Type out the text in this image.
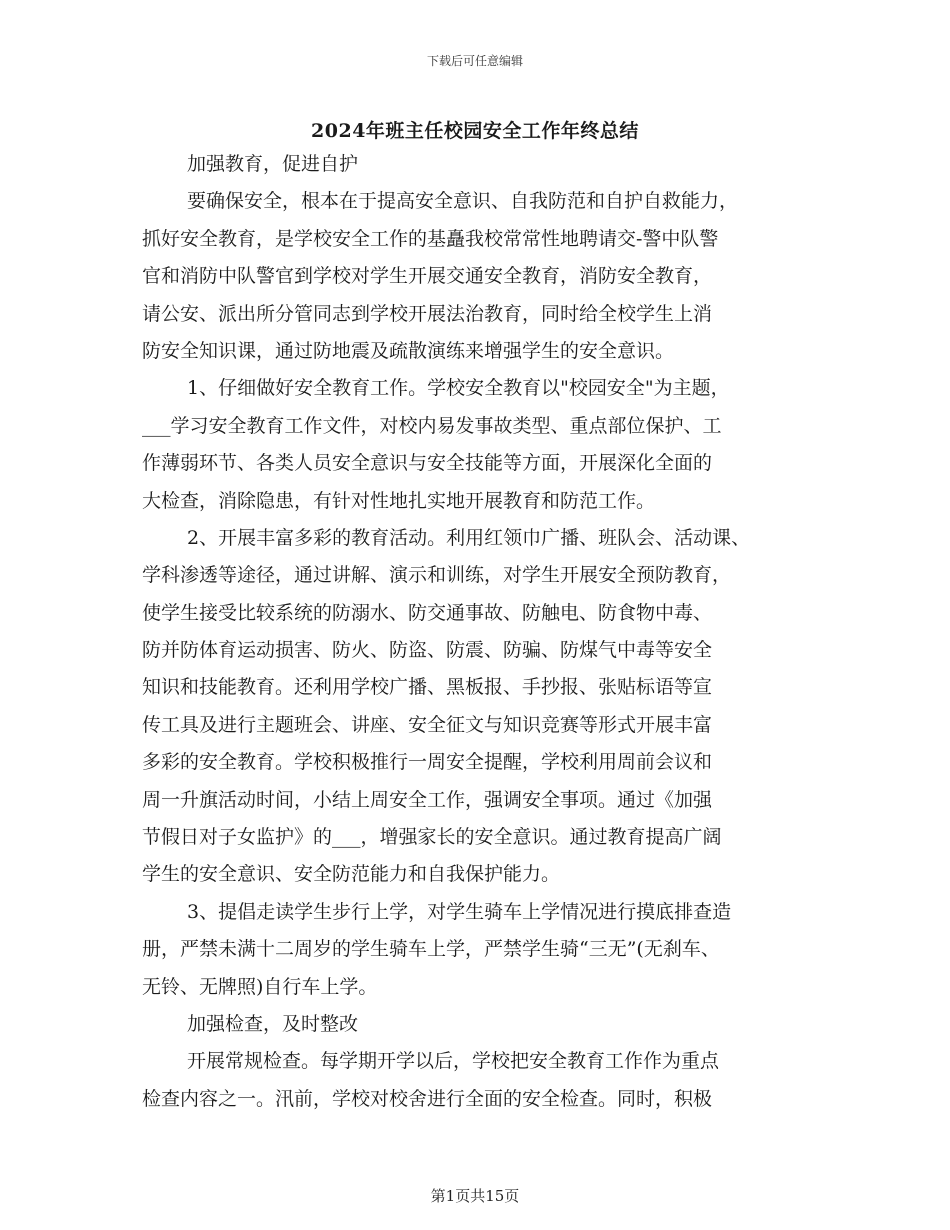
下载后可任意编辑
2024年班主任校园安全工作年终总结
加强教育，促进自护
要确保安全，根本在于提高安全意识、自我防范和自护自救能力，
抓好安全教育，是学校安全工作的基矗我校常常性地聘请交-警中队警
官和消防中队警官到学校对学生开展交通安全教育，消防安全教育，
请公安、派出所分管同志到学校开展法治教育，同时给全校学生上消
防安全知识课，通过防地震及疏散演练来增强学生的安全意识。
1、仔细做好安全教育工作。学校安全教育以"校园安全"为主题，
___学习安全教育工作文件，对校内易发事故类型、重点部位保护、工
作薄弱环节、各类人员安全意识与安全技能等方面，开展深化全面的
大检查，消除隐患，有针对性地扎实地开展教育和防范工作。
2、开展丰富多彩的教育活动。利用红领巾广播、班队会、活动课、
学科渗透等途径，通过讲解、演示和训练，对学生开展安全预防教育，
使学生接受比较系统的防溺水、防交通事故、防触电、防食物中毒、
防并防体育运动损害、防火、防盗、防震、防骗、防煤气中毒等安全
知识和技能教育。还利用学校广播、黑板报、手抄报、张贴标语等宣
传工具及进行主题班会、讲座、安全征文与知识竞赛等形式开展丰富
多彩的安全教育。学校积极推行一周安全提醒，学校利用周前会议和
周一升旗活动时间，小结上周安全工作，强调安全事项。通过《加强
节假日对子女监护》的___，增强家长的安全意识。通过教育提高广阔
学生的安全意识、安全防范能力和自我保护能力。
3、提倡走读学生步行上学，对学生骑车上学情况进行摸底排查造
册，严禁未满十二周岁的学生骑车上学，严禁学生骑“三无”(无刹车、
无铃、无牌照)自行车上学。
加强检查，及时整改
开展常规检查。每学期开学以后，学校把安全教育工作作为重点
检查内容之一。汛前，学校对校舍进行全面的安全检查。同时，积极
第1页共15页
